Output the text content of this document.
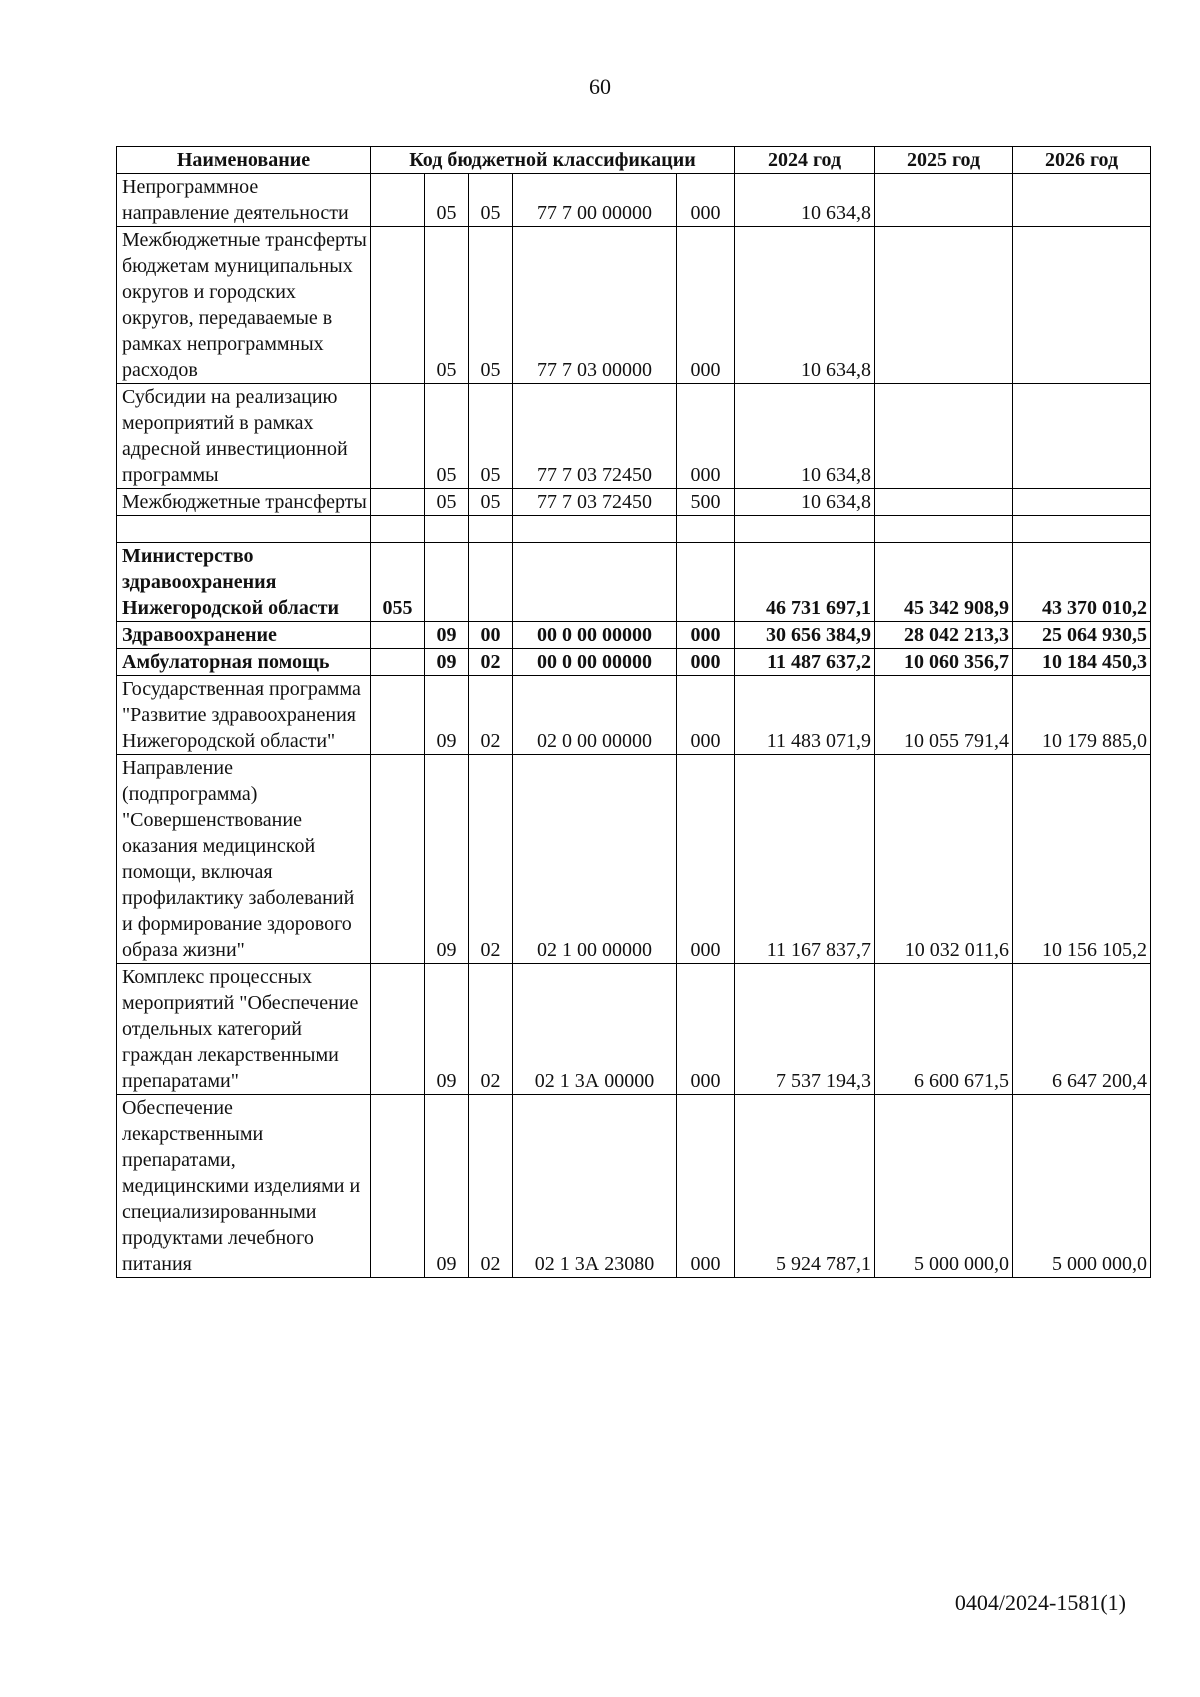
60
Наименование	Код бюджетной классификации					2024 год	2025 год	2026 год
Непрограммное направление деятельности		05	05	77 7 00 00000	000	10 634,8		
Межбюджетные трансферты бюджетам муниципальных округов и городских округов, передаваемые в рамках непрограммных расходов		05	05	77 7 03 00000	000	10 634,8		
Субсидии на реализацию мероприятий в рамках адресной инвестиционной программы		05	05	77 7 03 72450	000	10 634,8		
Межбюджетные трансферты		05	05	77 7 03 72450	500	10 634,8		

Министерство здравоохранения Нижегородской области	055					46 731 697,1	45 342 908,9	43 370 010,2
Здравоохранение		09	00	00 0 00 00000	000	30 656 384,9	28 042 213,3	25 064 930,5
Амбулаторная помощь		09	02	00 0 00 00000	000	11 487 637,2	10 060 356,7	10 184 450,3
Государственная программа "Развитие здравоохранения Нижегородской области"		09	02	02 0 00 00000	000	11 483 071,9	10 055 791,4	10 179 885,0
Направление (подпрограмма) "Совершенствование оказания медицинской помощи, включая профилактику заболеваний и формирование здорового образа жизни"		09	02	02 1 00 00000	000	11 167 837,7	10 032 011,6	10 156 105,2
Комплекс процессных мероприятий "Обеспечение отдельных категорий граждан лекарственными препаратами"		09	02	02 1 3А 00000	000	7 537 194,3	6 600 671,5	6 647 200,4
Обеспечение лекарственными препаратами, медицинскими изделиями и специализированными продуктами лечебного питания		09	02	02 1 3А 23080	000	5 924 787,1	5 000 000,0	5 000 000,0
0404/2024-1581(1)
